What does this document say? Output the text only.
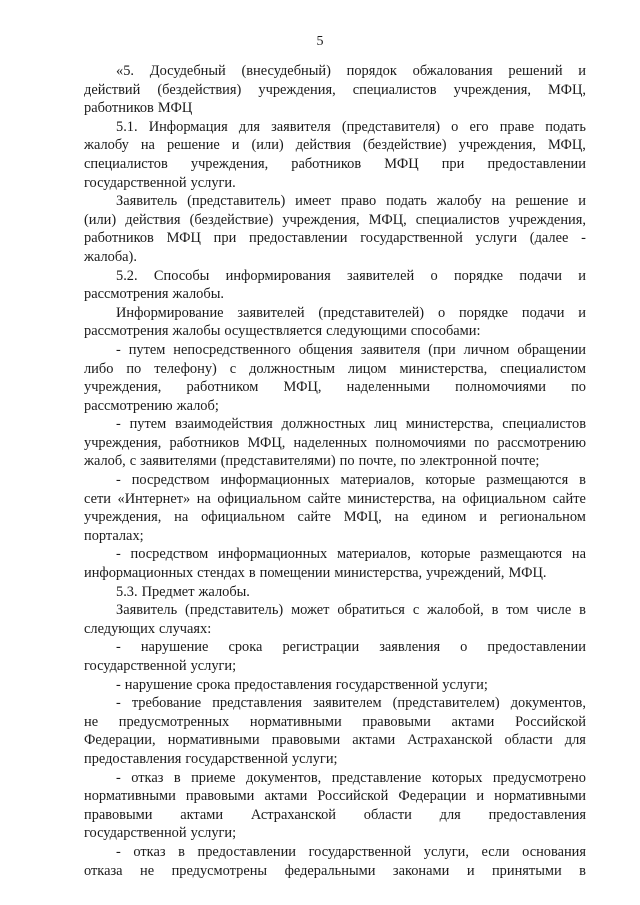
5
«5. Досудебный (внесудебный) порядок обжалования решений и
действий (бездействия) учреждения, специалистов учреждения, МФЦ,
работников МФЦ
5.1. Информация для заявителя (представителя) о его праве подать
жалобу на решение и (или) действия (бездействие) учреждения, МФЦ,
специалистов учреждения, работников МФЦ при предоставлении
государственной услуги.
Заявитель (представитель) имеет право подать жалобу на решение и
(или) действия (бездействие) учреждения, МФЦ, специалистов учреждения,
работников МФЦ при предоставлении государственной услуги (далее -
жалоба).
5.2. Способы информирования заявителей о порядке подачи и
рассмотрения жалобы.
Информирование заявителей (представителей) о порядке подачи и
рассмотрения жалобы осуществляется следующими способами:
- путем непосредственного общения заявителя (при личном обращении
либо по телефону) с должностным лицом министерства, специалистом
учреждения, работником МФЦ, наделенными полномочиями по
рассмотрению жалоб;
- путем взаимодействия должностных лиц министерства, специалистов
учреждения, работников МФЦ, наделенных полномочиями по рассмотрению
жалоб, с заявителями (представителями) по почте, по электронной почте;
- посредством информационных материалов, которые размещаются в
сети «Интернет» на официальном сайте министерства, на официальном сайте
учреждения, на официальном сайте МФЦ, на едином и региональном
порталах;
- посредством информационных материалов, которые размещаются на
информационных стендах в помещении министерства, учреждений, МФЦ.
5.3. Предмет жалобы.
Заявитель (представитель) может обратиться с жалобой, в том числе в
следующих случаях:
- нарушение срока регистрации заявления о предоставлении
государственной услуги;
- нарушение срока предоставления государственной услуги;
- требование представления заявителем (представителем) документов,
не предусмотренных нормативными правовыми актами Российской
Федерации, нормативными правовыми актами Астраханской области для
предоставления государственной услуги;
- отказ в приеме документов, представление которых предусмотрено
нормативными правовыми актами Российской Федерации и нормативными
правовыми актами Астраханской области для предоставления
государственной услуги;
- отказ в предоставлении государственной услуги, если основания
отказа не предусмотрены федеральными законами и принятыми в
